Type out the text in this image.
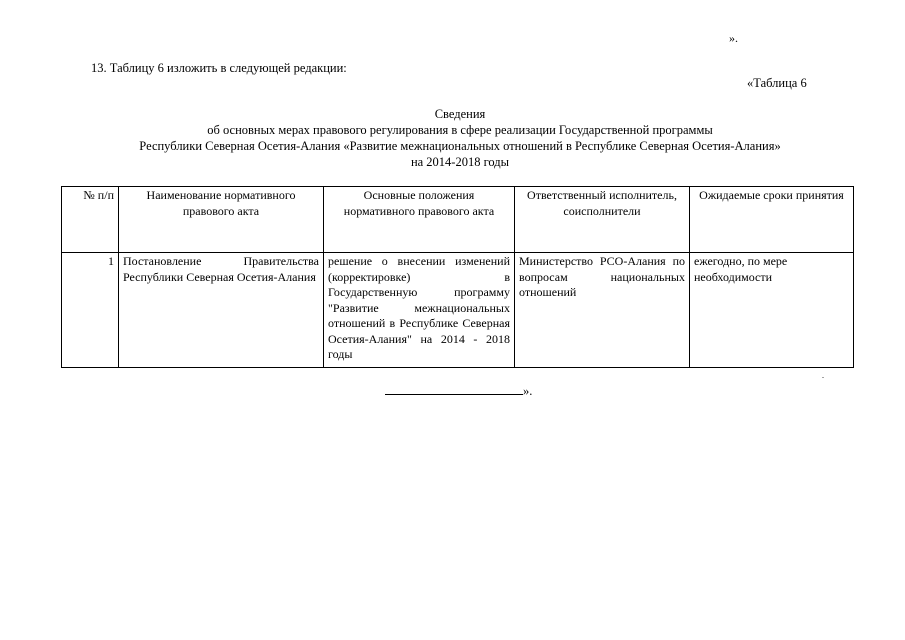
».
13. Таблицу 6 изложить в следующей редакции:
«Таблица 6
Сведения
об основных мерах правового регулирования в сфере реализации Государственной программы
Республики Северная Осетия-Алания «Развитие межнациональных отношений в Республике Северная Осетия-Алания»
на 2014-2018 годы
№ п/п	Наименование нормативного правового акта	Основные положения нормативного правового акта	Ответственный исполнитель, соисполнители	Ожидаемые сроки принятия
1	Постановление Правительства Республики Северная Осетия-Алания	решение о внесении изменений (корректировке) в Государственную программу "Развитие межнациональных отношений в Республике Северная Осетия-Алания" на 2014 - 2018 годы	Министерство РСО-Алания по вопросам национальных отношений	ежегодно, по мере необходимости
.
».
